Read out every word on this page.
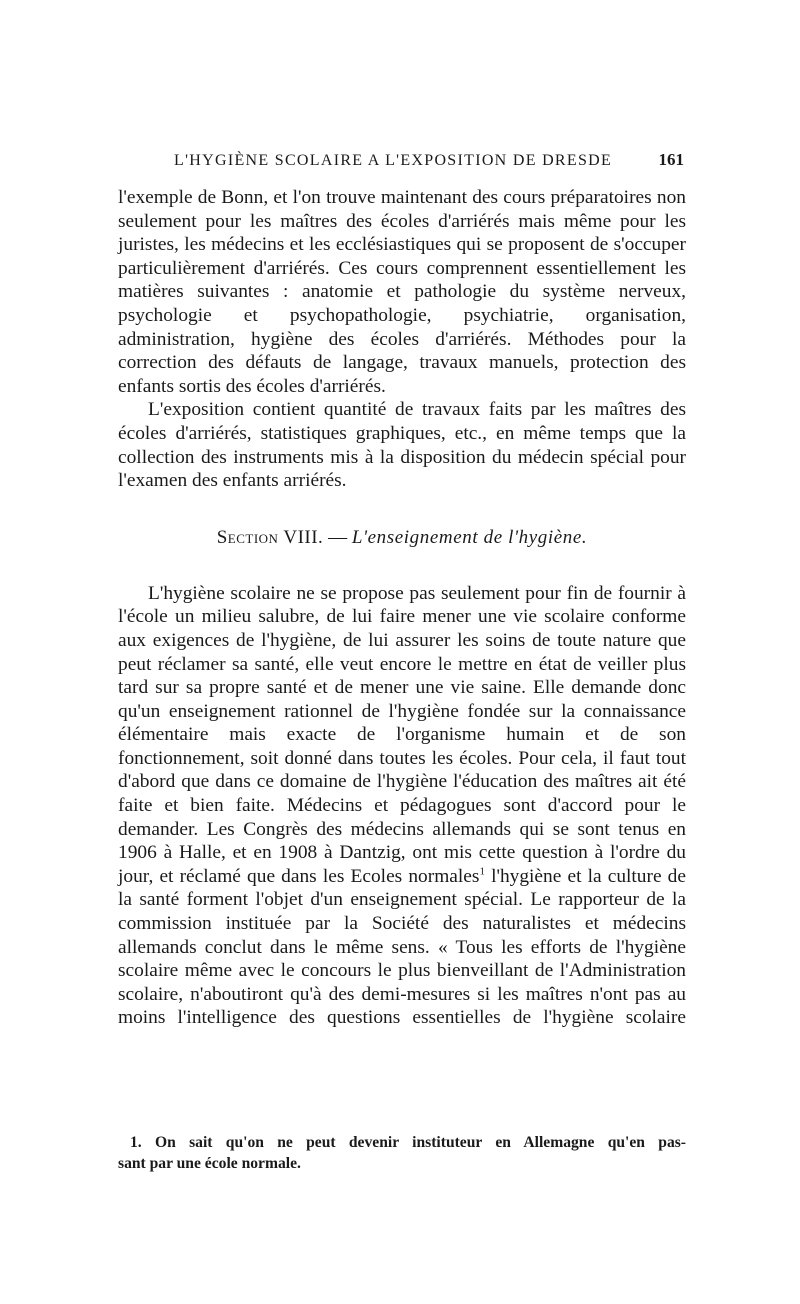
L'HYGIÈNE SCOLAIRE A L'EXPOSITION DE DRESDE	161

l'exemple de Bonn, et l'on trouve maintenant des cours préparatoires non seulement pour les maîtres des écoles d'arriérés mais même pour les juristes, les médecins et les ecclésiastiques qui se proposent de s'occuper particulièrement d'arriérés. Ces cours comprennent essentiellement les matières suivantes : anatomie et pathologie du système nerveux, psychologie et psychopathologie, psychiatrie, organisation, administration, hygiène des écoles d'arriérés. Méthodes pour la correction des défauts de langage, travaux manuels, protection des enfants sortis des écoles d'arriérés.

L'exposition contient quantité de travaux faits par les maîtres des écoles d'arriérés, statistiques graphiques, etc., en même temps que la collection des instruments mis à la disposition du médecin spécial pour l'examen des enfants arriérés.

Section VIII. — L'enseignement de l'hygiène.

L'hygiène scolaire ne se propose pas seulement pour fin de fournir à l'école un milieu salubre, de lui faire mener une vie scolaire conforme aux exigences de l'hygiène, de lui assurer les soins de toute nature que peut réclamer sa santé, elle veut encore le mettre en état de veiller plus tard sur sa propre santé et de mener une vie saine. Elle demande donc qu'un enseignement rationnel de l'hygiène fondée sur la connaissance élémentaire mais exacte de l'organisme humain et de son fonctionnement, soit donné dans toutes les écoles. Pour cela, il faut tout d'abord que dans ce domaine de l'hygiène l'éducation des maîtres ait été faite et bien faite. Médecins et pédagogues sont d'accord pour le demander. Les Congrès des médecins allemands qui se sont tenus en 1906 à Halle, et en 1908 à Dantzig, ont mis cette question à l'ordre du jour, et réclamé que dans les Ecoles normales$^1$ l'hygiène et la culture de la santé forment l'objet d'un enseignement spécial. Le rapporteur de la commission instituée par la Société des naturalistes et médecins allemands conclut dans le même sens. « Tous les efforts de l'hygiène scolaire même avec le concours le plus bienveillant de l'Administration scolaire, n'aboutiront qu'à des demi-mesures si les maîtres n'ont pas au moins l'intelligence des questions essentielles de l'hygiène scolaire

1. On sait qu'on ne peut devenir instituteur en Allemagne qu'en pas-
sant par une école normale.
